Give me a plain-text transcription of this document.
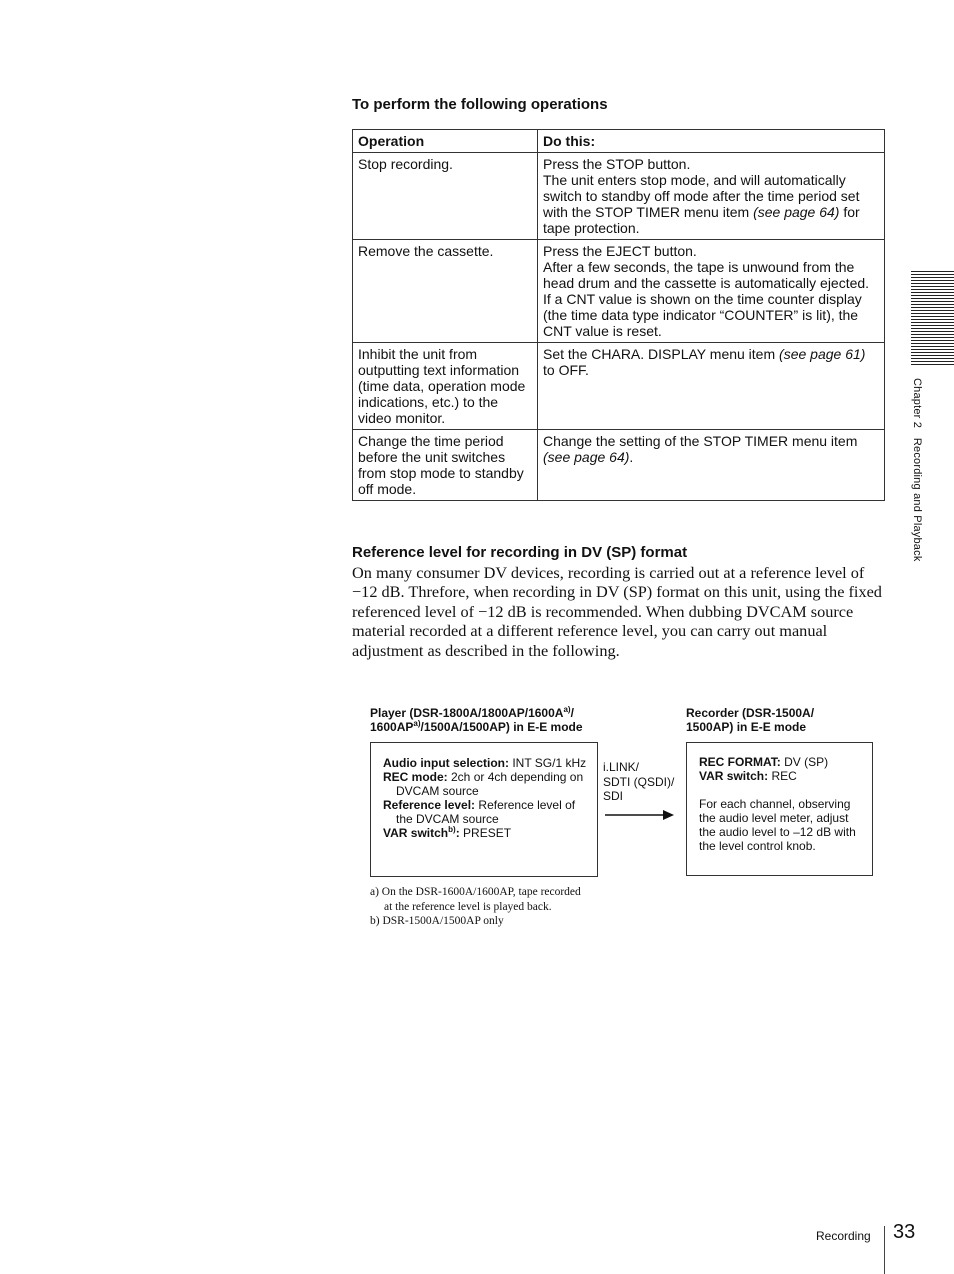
To perform the following operations
Operation	Do this:
Stop recording.	Press the STOP button.
The unit enters stop mode, and will automatically switch to standby off mode after the time period set with the STOP TIMER menu item (see page 64) for tape protection.
Remove the cassette.	Press the EJECT button.
After a few seconds, the tape is unwound from the head drum and the cassette is automatically ejected. If a CNT value is shown on the time counter display (the time data type indicator “COUNTER” is lit), the CNT value is reset.
Inhibit the unit from outputting text information (time data, operation mode indications, etc.) to the video monitor.	Set the CHARA. DISPLAY menu item (see page 61) to OFF.
Change the time period before the unit switches from stop mode to standby off mode.	Change the setting of the STOP TIMER menu item
(see page 64).
Reference level for recording in DV (SP) format
On many consumer DV devices, recording is carried out at a reference level of −12 dB. Threfore, when recording in DV (SP) format on this unit, using the fixed referenced level of −12 dB is recommended. When dubbing DVCAM source material recorded at a different reference level, you can carry out manual adjustment as described in the following.
Player ($DSR-1800A/1800AP/1600A^{a)}/$
1600AP$^{a)}$/1500A/1500AP) in E-E mode

Audio input selection: INT SG/1 kHz

REC mode: 2ch or 4ch depending on DVCAM source

Reference level: Reference level of the DVCAM source

VAR switch$^{b)}$: PRESET

i.LINK/
SDTI (QSDI)/
SDI
Recorder (DSR-1500A/
1500AP) in E-E mode

REC FORMAT: DV (SP)

VAR switch: REC

For each channel, observing the audio level meter, adjust the audio level to –12 dB with the level control knob.

a) On the DSR-1600A/1600AP, tape recorded
at the reference level is played back.
b) DSR-1500A/1500AP only
Chapter 2   Recording and Playback
Recording 33
